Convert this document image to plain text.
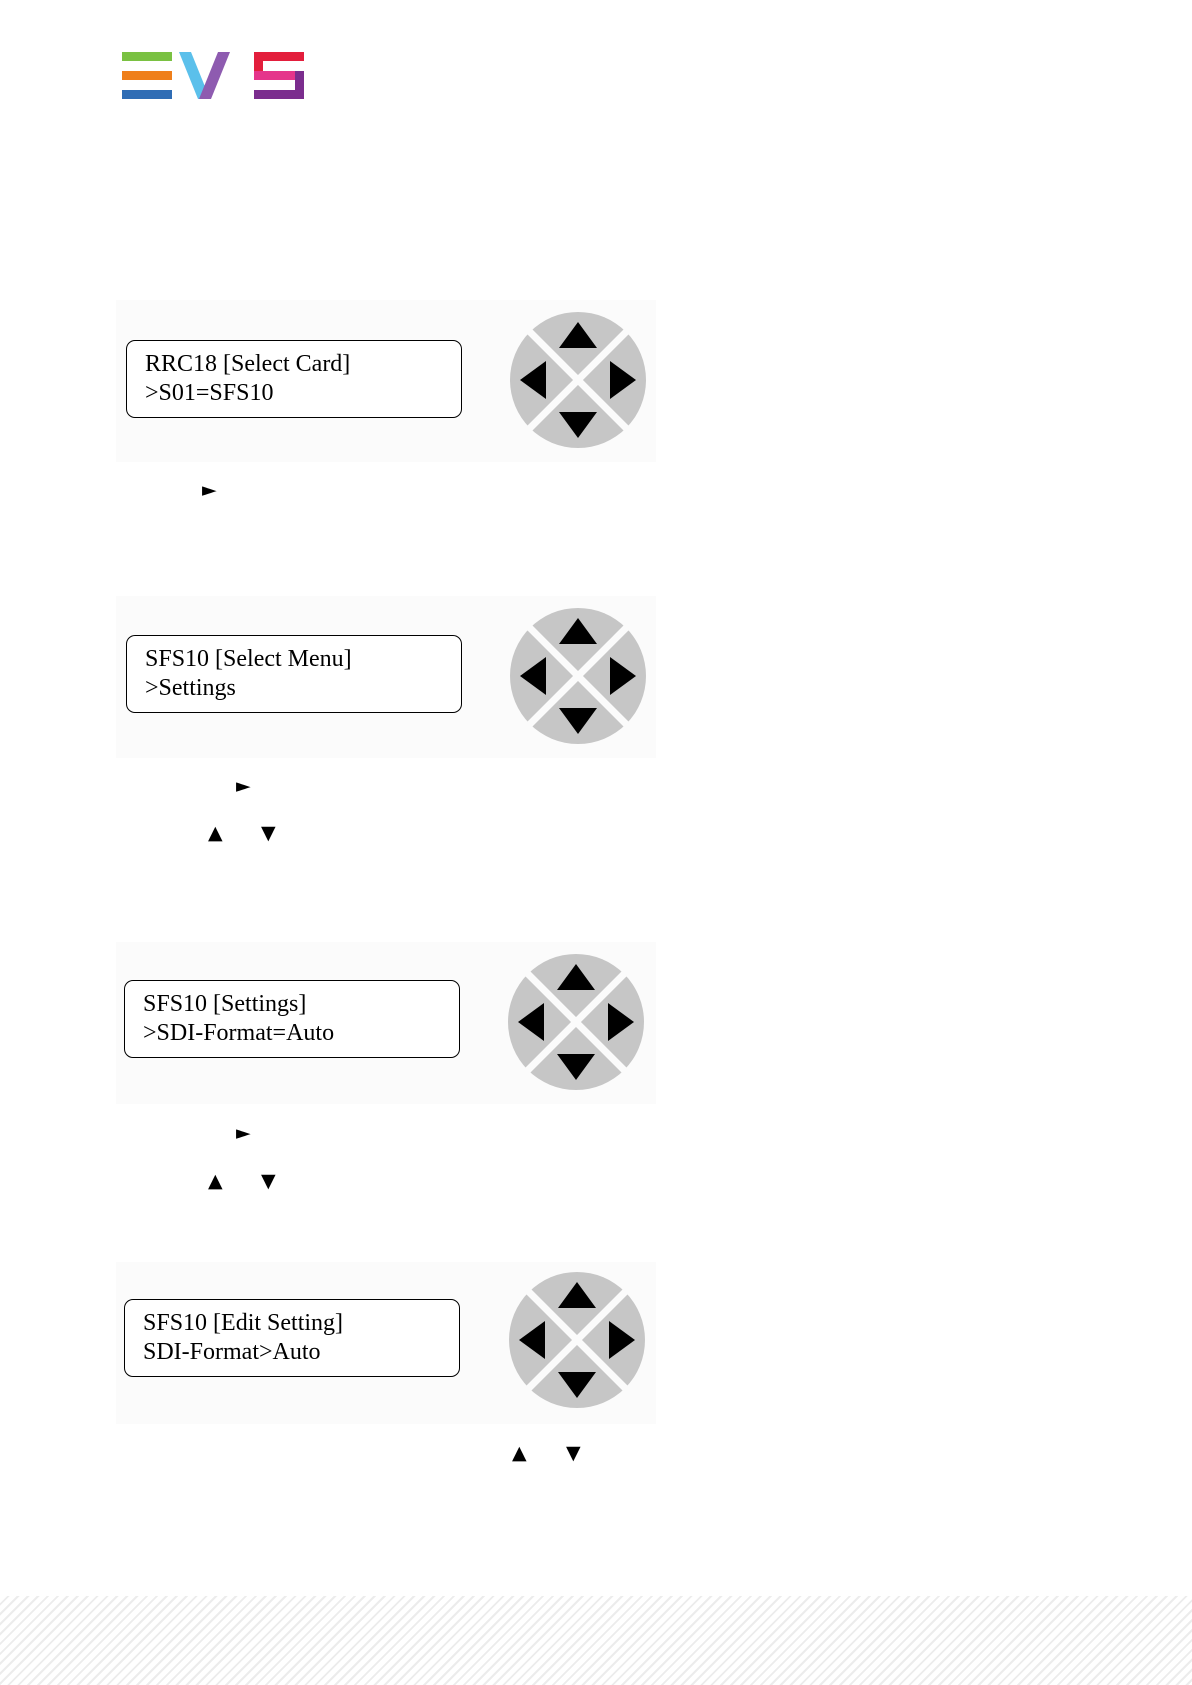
RRC18 [Select Card]
>S01=SFS10
►
SFS10 [Select Menu]
>Settings
►
▲ ▼
SFS10 [Settings]
>SDI-Format=Auto
►
▲ ▼
SFS10 [Edit Setting]
SDI-Format>Auto
▲ ▼
